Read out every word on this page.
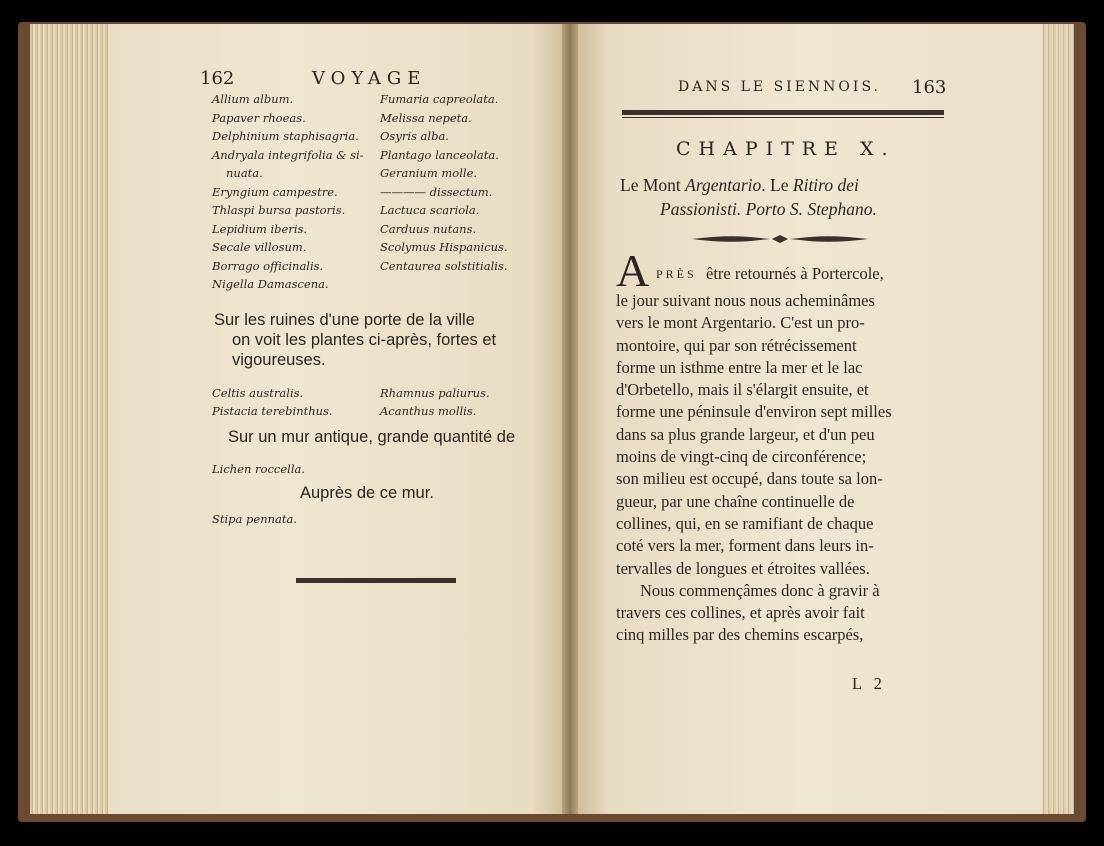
162	VOYAGE
Allium album.
Papaver rhoeas.
Delphinium staphisagria.
Andryala integrifolia & si-
nuata.
Eryngium campestre.
Thlaspi bursa pastoris.
Lepidium iberis.
Secale villosum.
Borrago officinalis.
Nigella Damascena.
Fumaria capreolata.
Melissa nepeta.
Osyris alba.
Plantago lanceolata.
Geranium molle.
———— dissectum.
Lactuca scariola.
Carduus nutans.
Scolymus Hispanicus.
Centaurea solstitialis.
Sur les ruines d'une porte de la ville
on voit les plantes ci-après, fortes et
vigoureuses.
Celtis australis.
Pistacia terebinthus.
Rhamnus paliurus.
Acanthus mollis.
Sur un mur antique, grande quantité de
Lichen roccella.
Auprès de ce mur.
Stipa pennata.
DANS LE SIENNOIS. 163
CHAPITRE X.
Le Mont Argentario. Le Ritiro dei
Passionisti. Porto S. Stephano.
A PRÈS être retournés à Portercole,
le jour suivant nous nous acheminâmes
vers le mont Argentario. C'est un pro-
montoire, qui par son rétrécissement
forme un isthme entre la mer et le lac
d'Orbetello, mais il s'élargit ensuite, et
forme une péninsule d'environ sept milles
dans sa plus grande largeur, et d'un peu
moins de vingt-cinq de circonférence;
son milieu est occupé, dans toute sa lon-
gueur, par une chaîne continuelle de
collines, qui, en se ramifiant de chaque
coté vers la mer, forment dans leurs in-
tervalles de longues et étroites vallées.
Nous commençâmes donc à gravir à
travers ces collines, et après avoir fait
cinq milles par des chemins escarpés,
L 2
